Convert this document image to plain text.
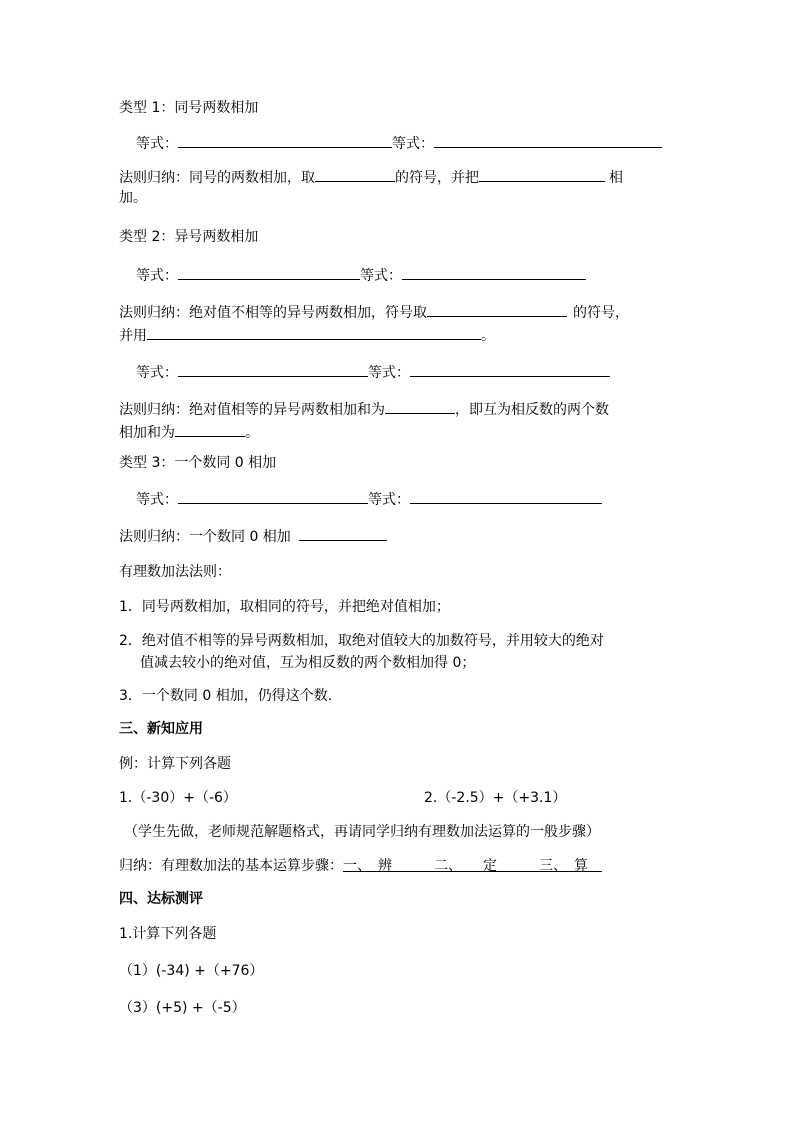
类型 1：同号两数相加
等式：	等式：
法则归纳：同号的两数相加，取	的符号，并把	相
加。
类型 2：异号两数相加
等式：	等式：
法则归纳：绝对值不相等的异号两数相加，符号取	的符号，
并用	。
等式：	等式：
法则归纳：绝对值相等的异号两数相加和为	，即互为相反数的两个数
相加和为	。
类型 3：一个数同 0 相加
等式：	等式：
法则归纳：一个数同 0 相加
有理数加法法则：
1．同号两数相加，取相同的符号，并把绝对值相加；
2．绝对值不相等的异号两数相加，取绝对值较大的加数符号，并用较大的绝对
值减去较小的绝对值，互为相反数的两个数相加得 0；
3．一个数同 0 相加，仍得这个数.
三、新知应用
例：计算下列各题
1.（-30）+（-6）	2.（-2.5）+（+3.1）
（学生先做，老师规范解题格式，再请同学归纳有理数加法运算的一般步骤）
归纳：有理数加法的基本运算步骤：一、　辨　　　二、　　定　　　三、　算　
四、达标测评
1.计算下列各题
（1）(-34) +（+76）
（3）(+5) +（-5）
